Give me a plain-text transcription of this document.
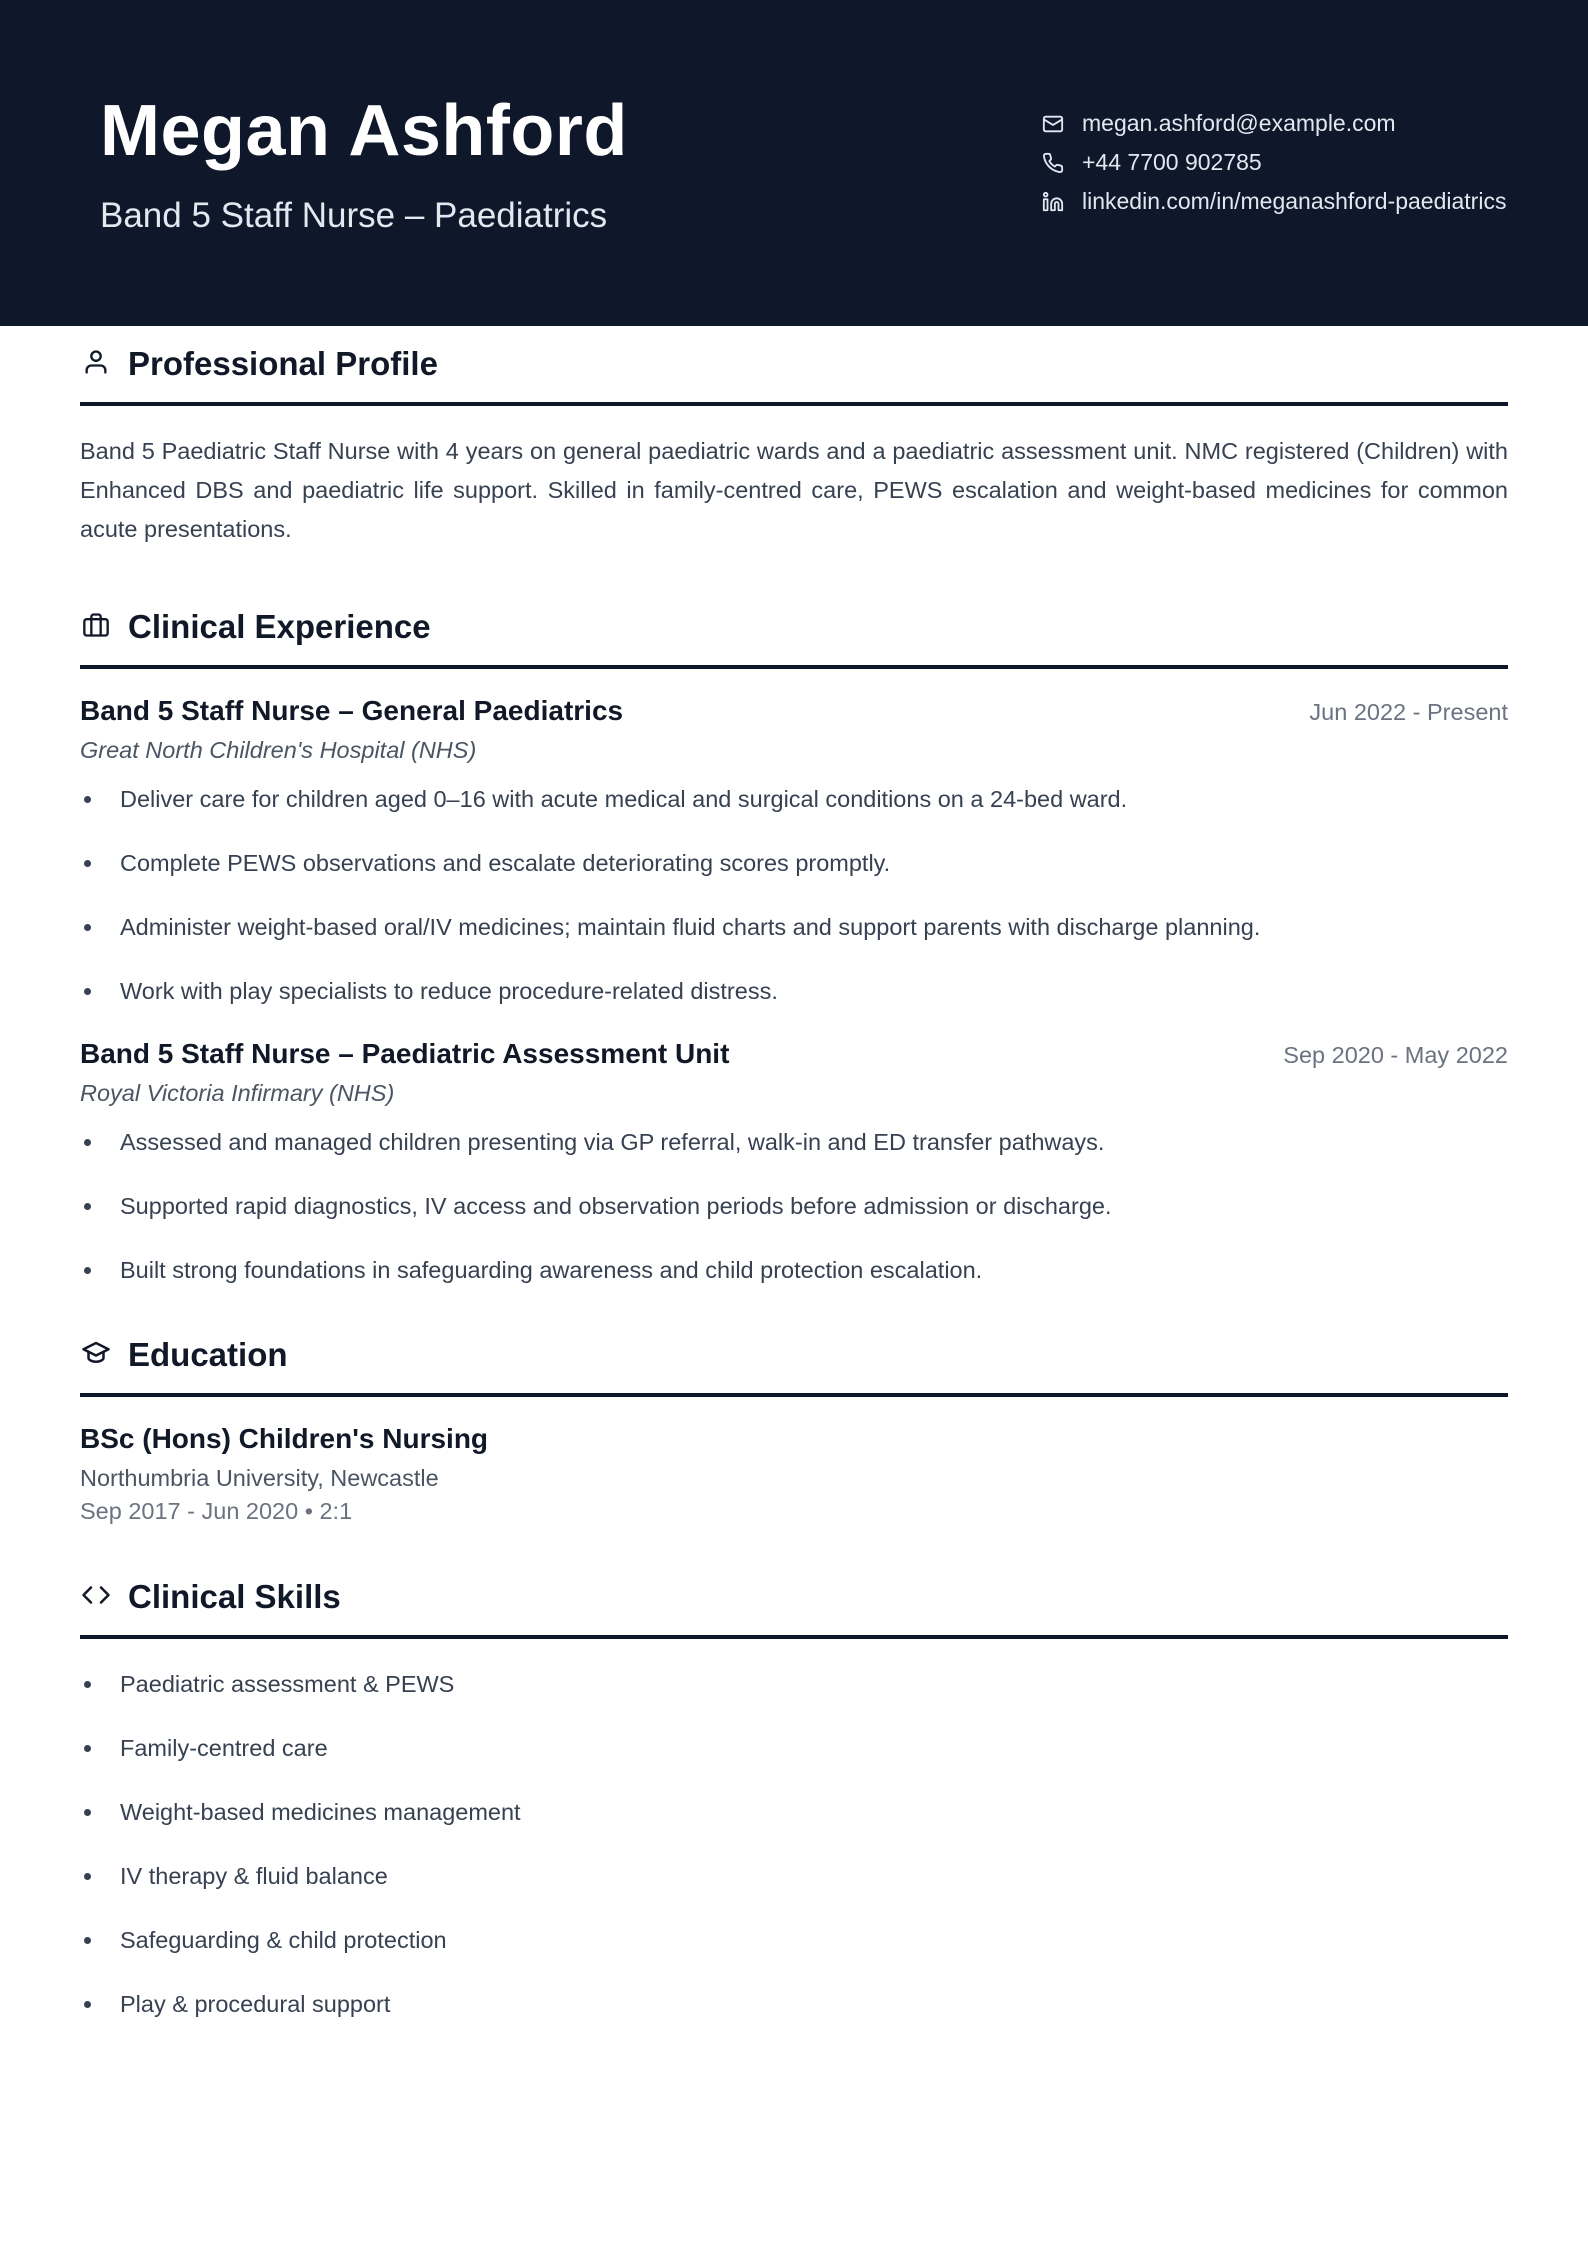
Megan Ashford
Band 5 Staff Nurse – Paediatrics
megan.ashford@example.com
+44 7700 902785
linkedin.com/in/meganashford-paediatrics
Professional Profile
Band 5 Paediatric Staff Nurse with 4 years on general paediatric wards and a paediatric assessment unit. NMC registered (Children) with Enhanced DBS and paediatric life support. Skilled in family-centred care, PEWS escalation and weight-based medicines for common acute presentations.
Clinical Experience
Band 5 Staff Nurse – General Paediatrics	Jun 2022 - Present
Great North Children's Hospital (NHS)
Deliver care for children aged 0–16 with acute medical and surgical conditions on a 24-bed ward.
Complete PEWS observations and escalate deteriorating scores promptly.
Administer weight-based oral/IV medicines; maintain fluid charts and support parents with discharge planning.
Work with play specialists to reduce procedure-related distress.
Band 5 Staff Nurse – Paediatric Assessment Unit	Sep 2020 - May 2022
Royal Victoria Infirmary (NHS)
Assessed and managed children presenting via GP referral, walk-in and ED transfer pathways.
Supported rapid diagnostics, IV access and observation periods before admission or discharge.
Built strong foundations in safeguarding awareness and child protection escalation.
Education
BSc (Hons) Children's Nursing
Northumbria University, Newcastle
Sep 2017 - Jun 2020 • 2:1
Clinical Skills
Paediatric assessment & PEWS
Family-centred care
Weight-based medicines management
IV therapy & fluid balance
Safeguarding & child protection
Play & procedural support
